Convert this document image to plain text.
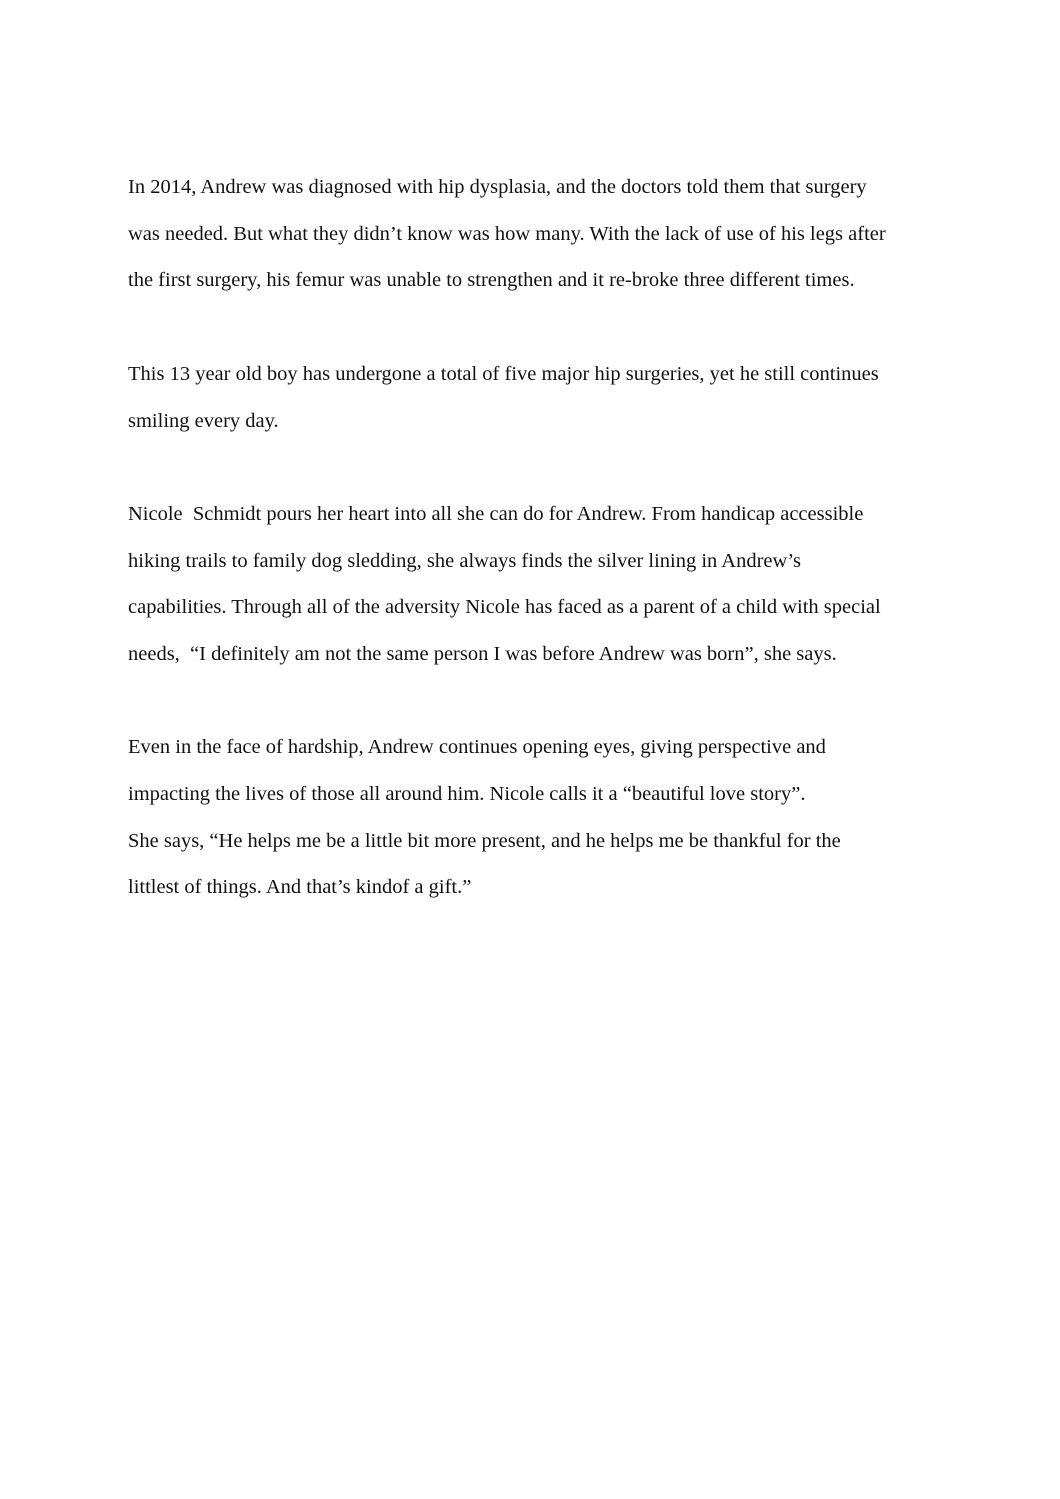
In 2014, Andrew was diagnosed with hip dysplasia, and the doctors told them that surgery
was needed. But what they didn’t know was how many. With the lack of use of his legs after
the first surgery, his femur was unable to strengthen and it re-broke three different times.
This 13 year old boy has undergone a total of five major hip surgeries, yet he still continues
smiling every day.
Nicole  Schmidt pours her heart into all she can do for Andrew. From handicap accessible
hiking trails to family dog sledding, she always finds the silver lining in Andrew’s
capabilities. Through all of the adversity Nicole has faced as a parent of a child with special
needs,  “I definitely am not the same person I was before Andrew was born”, she says.
Even in the face of hardship, Andrew continues opening eyes, giving perspective and
impacting the lives of those all around him. Nicole calls it a “beautiful love story”.
She says, “He helps me be a little bit more present, and he helps me be thankful for the
littlest of things. And that’s kindof a gift.”
